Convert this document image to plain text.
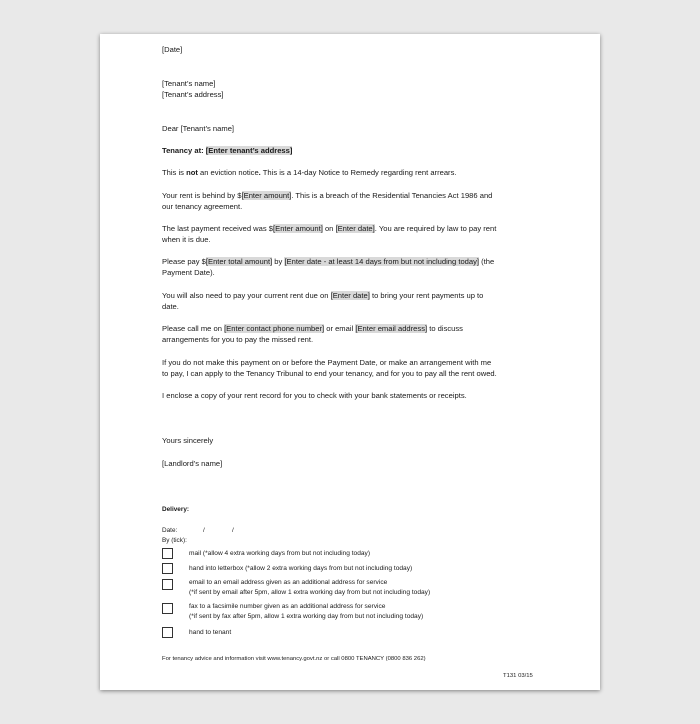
[Date]
[Tenant’s name]
[Tenant’s address]
Dear [Tenant’s name]
Tenancy at: [Enter tenant’s address]
This is not an eviction notice. This is a 14-day Notice to Remedy regarding rent arrears.
Your rent is behind by $[Enter amount]. This is a breach of the Residential Tenancies Act 1986 and
our tenancy agreement.
The last payment received was $[Enter amount] on [Enter date]. You are required by law to pay rent
when it is due.
Please pay $[Enter total amount] by [Enter date - at least 14 days from but not including today] (the
Payment Date).
You will also need to pay your current rent due on [Enter date] to bring your rent payments up to
date.
Please call me on [Enter contact phone number] or email [Enter email address] to discuss
arrangements for you to pay the missed rent.
If you do not make this payment on or before the Payment Date, or make an arrangement with me
to pay, I can apply to the Tenancy Tribunal to end your tenancy, and for you to pay all the rent owed.
I enclose a copy of your rent record for you to check with your bank statements or receipts.
Yours sincerely
[Landlord’s name]
Delivery:
Date:	/	/
By (tick):
mail (*allow 4 extra working days from but not including today)
hand into letterbox (*allow 2 extra working days from but not including today)
email to an email address given as an additional address for service
(*if sent by email after 5pm, allow 1 extra working day from but not including today)
fax to a facsimile number given as an additional address for service
(*if sent by fax after 5pm, allow 1 extra working day from but not including today)
hand to tenant
For tenancy advice and information visit www.tenancy.govt.nz or call 0800 TENANCY (0800 836 262)
T131 03/15
